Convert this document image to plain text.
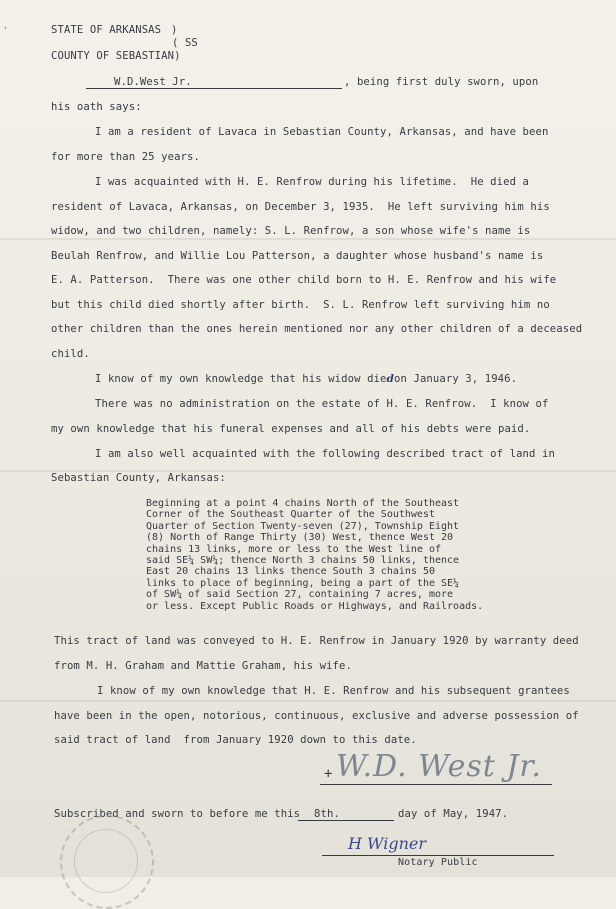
'	STATE OF ARKANSAS )
( SS
COUNTY OF SEBASTIAN)
W.D.West Jr.	, being first duly sworn, upon
his oath says:
I am a resident of Lavaca in Sebastian County, Arkansas, and have been
for more than 25 years.
I was acquainted with H. E. Renfrow during his lifetime.  He died a
resident of Lavaca, Arkansas, on December 3, 1935.  He left surviving him his
widow, and two children, namely: S. L. Renfrow, a son whose wife's name is
Beulah Renfrow, and Willie Lou Patterson, a daughter whose husband's name is
E. A. Patterson.  There was one other child born to H. E. Renfrow and his wife
but this child died shortly after birth.  S. L. Renfrow left surviving him no
other children than the ones herein mentioned nor any other children of a deceased
child.
I know of my own knowledge that his widow diedon January 3, 1946.
There was no administration on the estate of H. E. Renfrow.  I know of
my own knowledge that his funeral expenses and all of his debts were paid.
I am also well acquainted with the following described tract of land in
Sebastian County, Arkansas:
Beginning at a point 4 chains North of the Southeast
Corner of the Southeast Quarter of the Southwest
Quarter of Section Twenty-seven (27), Township Eight
(8) North of Range Thirty (30) West, thence West 20
chains 13 links, more or less to the West line of
said SE¼ SW¼; thence North 3 chains 50 links, thence
East 20 chains 13 links thence South 3 chains 50
links to place of beginning, being a part of the SE¼
of SW¼ of said Section 27, containing 7 acres, more
or less. Except Public Roads or Highways, and Railroads.
This tract of land was conveyed to H. E. Renfrow in January 1920 by warranty deed
from M. H. Graham and Mattie Graham, his wife.
I know of my own knowledge that H. E. Renfrow and his subsequent grantees
have been in the open, notorious, continuous, exclusive and adverse possession of
said tract of land  from January 1920 down to this date.
+ W.D. West Jr.
Subscribed and sworn to before me this 8th.	day of May, 1947.
H Wigner
Notary Public
